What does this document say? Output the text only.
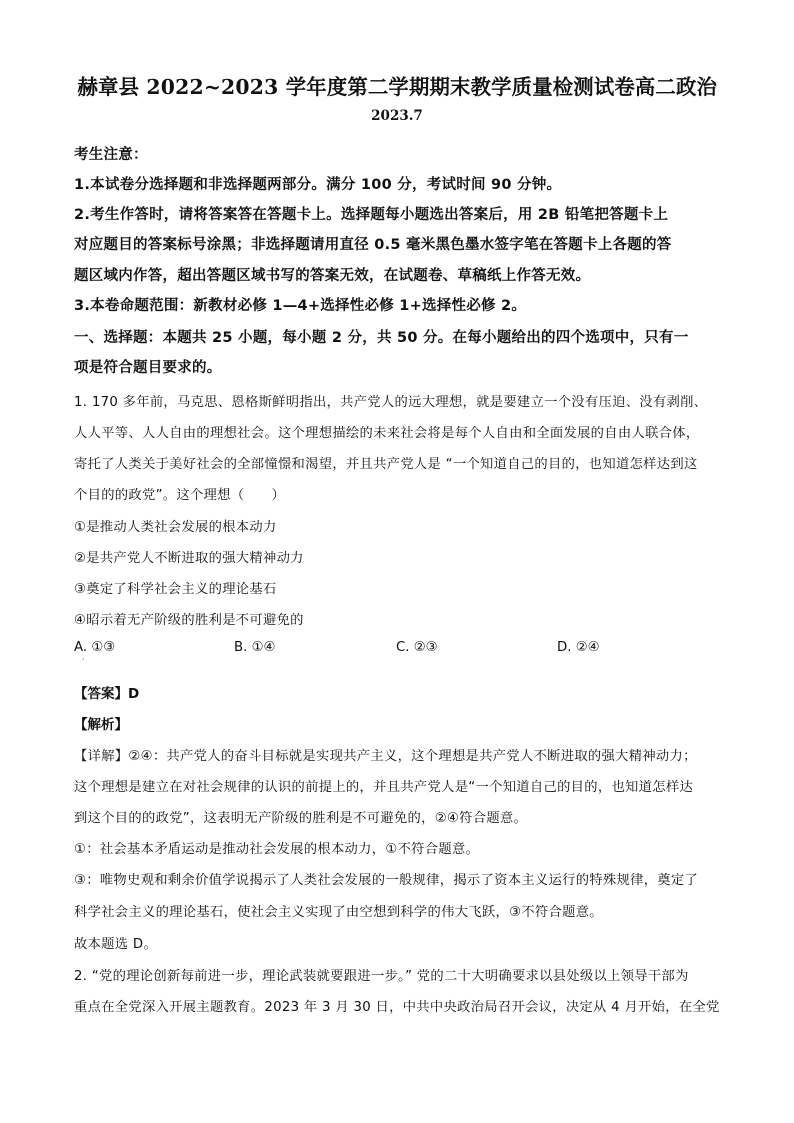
赫章县 2022~2023 学年度第二学期期末教学质量检测试卷高二政治
2023.7
考生注意：
1.本试卷分选择题和非选择题两部分。满分 100 分，考试时间 90 分钟。
2.考生作答时，请将答案答在答题卡上。选择题每小题选出答案后，用 2B 铅笔把答题卡上
对应题目的答案标号涂黑；非选择题请用直径 0.5 毫米黑色墨水签字笔在答题卡上各题的答
题区域内作答，超出答题区域书写的答案无效，在试题卷、草稿纸上作答无效。
3.本卷命题范围：新教材必修 1—4+选择性必修 1+选择性必修 2。
一、选择题：本题共 25 小题，每小题 2 分，共 50 分。在每小题给出的四个选项中，只有一
项是符合题目要求的。
1. 170 多年前，马克思、恩格斯鲜明指出，共产党人的远大理想，就是要建立一个没有压迫、没有剥削、
人人平等、人人自由的理想社会。这个理想描绘的未来社会将是每个人自由和全面发展的自由人联合体，
寄托了人类关于美好社会的全部憧憬和渴望，并且共产党人是 “一个知道自己的目的，也知道怎样达到这
个目的的政党”。这个理想（　　）
①是推动人类社会发展的根本动力
②是共产党人不断进取的强大精神动力
③奠定了科学社会主义的理论基石
④昭示着无产阶级的胜利是不可避免的
A. ①③	B. ①④	C. ②③	D. ②④
·
【答案】D
【解析】
【详解】②④：共产党人的奋斗目标就是实现共产主义，这个理想是共产党人不断进取的强大精神动力；
这个理想是建立在对社会规律的认识的前提上的，并且共产党人是“一个知道自己的目的，也知道怎样达
到这个目的的政党”，这表明无产阶级的胜利是不可避免的，②④符合题意。
①：社会基本矛盾运动是推动社会发展的根本动力，①不符合题意。
③：唯物史观和剩余价值学说揭示了人类社会发展的一般规律，揭示了资本主义运行的特殊规律，奠定了
科学社会主义的理论基石，使社会主义实现了由空想到科学的伟大飞跃，③不符合题意。
故本题选 D。
2. “党的理论创新每前进一步，理论武装就要跟进一步。” 党的二十大明确要求以县处级以上领导干部为
重点在全党深入开展主题教育。2023 年 3 月 30 日，中共中央政治局召开会议，决定从 4 月开始，在全党
